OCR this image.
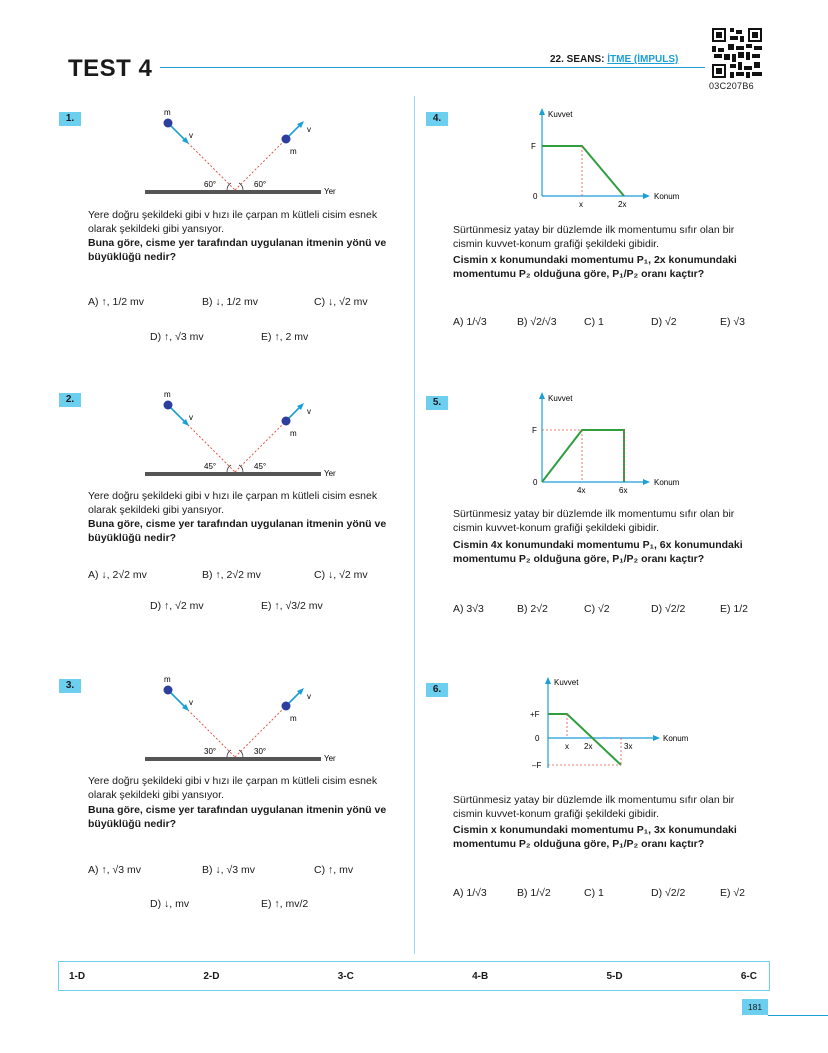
TEST 4	22. SEANS: İTME (İMPULS)
03C207B6
1.
m
v
v
m
60°	60°
Yer
Yere doğru şekildeki gibi v hızı ile çarpan m kütleli cisim esnek olarak şekildeki gibi yansıyor.
Buna göre, cisme yer tarafından uygulanan itmenin yönü ve büyüklüğü nedir?
A) ↑, 1/2 mv	B) ↓, 1/2 mv	C) ↓, √2 mv
D) ↑, √3 mv	E) ↑, 2 mv
2.	m
v
v
m
45°	45°
Yer
Yere doğru şekildeki gibi v hızı ile çarpan m kütleli cisim esnek olarak şekildeki gibi yansıyor.
Buna göre, cisme yer tarafından uygulanan itmenin yönü ve büyüklüğü nedir?
A) ↓, 2√2 mv	B) ↑, 2√2 mv	C) ↓, √2 mv
D) ↑, √2 mv	E) ↑, √3/2 mv
3.
m
v
v
m
30°	30°
Yer
Yere doğru şekildeki gibi v hızı ile çarpan m kütleli cisim esnek olarak şekildeki gibi yansıyor.
Buna göre, cisme yer tarafından uygulanan itmenin yönü ve büyüklüğü nedir?
A) ↑, √3 mv	B) ↓, √3 mv	C) ↑, mv
D) ↓, mv	E) ↑, mv/2
4.	Kuvvet
Konum
F
0
x	2x
Sürtünmesiz yatay bir düzlemde ilk momentumu sıfır olan bir cismin kuvvet-konum grafiği şekildeki gibidir.
Cismin x konumundaki momentumu P₁, 2x konumundaki momentumu P₂ olduğuna göre, P₁/P₂ oranı kaçtır?
A) 1/√3	B) √2/√3	C) 1	D) √2	E) √3
5.	Kuvvet
Konum
F
0
4x	6x
Sürtünmesiz yatay bir düzlemde ilk momentumu sıfır olan bir cismin kuvvet-konum grafiği şekildeki gibidir.
Cismin 4x konumundaki momentumu P₁, 6x konumundaki momentumu P₂ olduğuna göre, P₁/P₂ oranı kaçtır?
A) 3√3	B) 2√2	C) √2	D) √2/2	E) 1/2
6.
Kuvvet
Konum
+F
0
–F
x 2x	3x
Sürtünmesiz yatay bir düzlemde ilk momentumu sıfır olan bir cismin kuvvet-konum grafiği şekildeki gibidir.
Cismin x konumundaki momentumu P₁, 3x konumundaki momentumu P₂ olduğuna göre, P₁/P₂ oranı kaçtır?
A) 1/√3	B) 1/√2	C) 1	D) √2/2	E) √2
1-D	2-D	3-C	4-B	5-D	6-C
181
